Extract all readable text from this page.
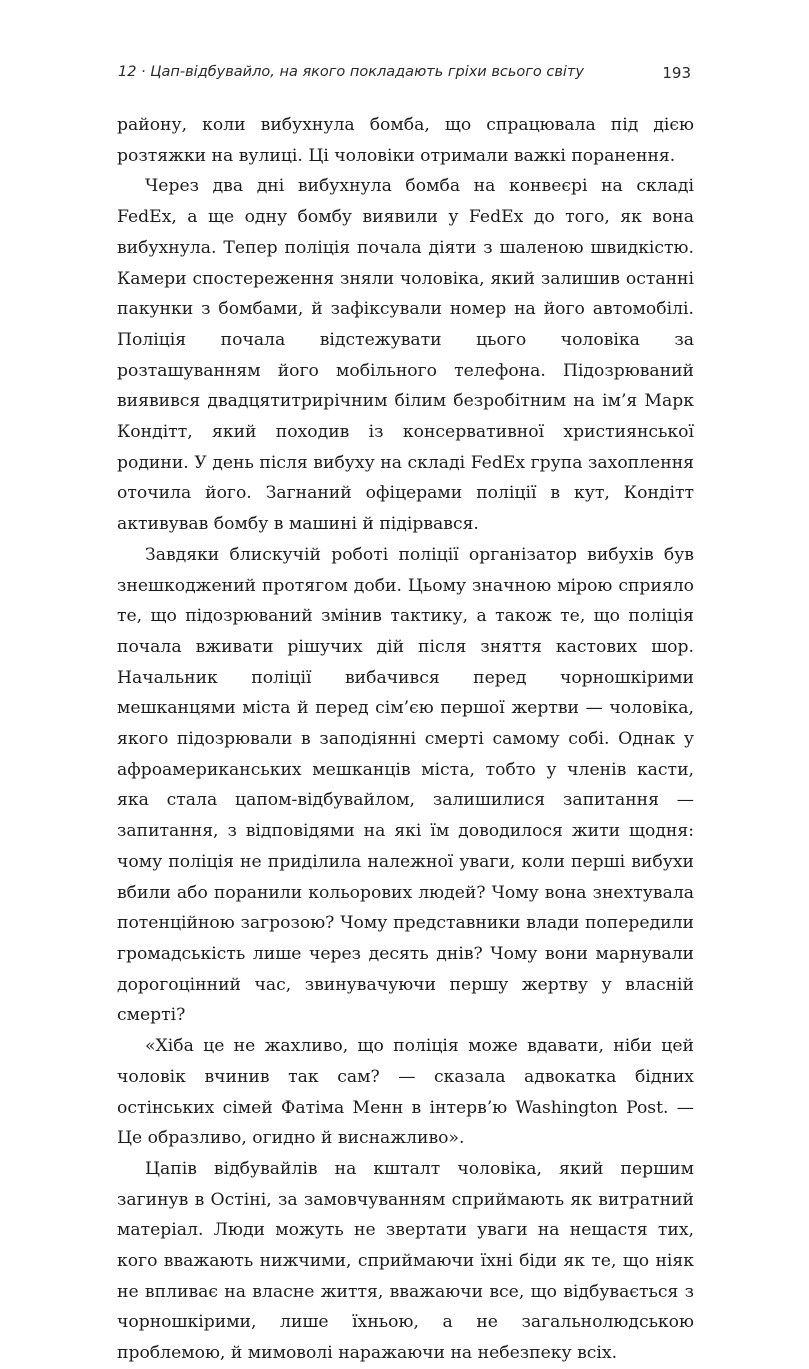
12 · Цап-відбувайло, на якого покладають гріхи всього світу	193

району, коли вибухнула бомба, що спрацювала під дією розтяжки на вулиці. Ці чоловіки отримали важкі поранення.

Через два дні вибухнула бомба на конвеєрі на складі FedEx, а ще одну бомбу виявили у FedEx до того, як вона вибухнула. Тепер поліція почала діяти з шаленою швидкістю. Камери спостереження зняли чоловіка, який залишив останні пакунки з бомбами, й зафіксували номер на його автомобілі. Поліція почала відстежувати цього чоловіка за розташуванням його мобільного телефона. Підозрюваний виявився двадцятитрирічним білим безробітним на ім’я Марк Кондітт, який походив із консервативної християнської родини. У день після вибуху на складі FedEx група захоплення оточила його. Загнаний офіцерами поліції в кут, Кондітт активував бомбу в машині й підірвався.

Завдяки блискучій роботі поліції організатор вибухів був знешкоджений протягом доби. Цьому значною мірою сприяло те, що підозрюваний змінив тактику, а також те, що поліція почала вживати рішучих дій після зняття кастових шор. Начальник поліції вибачився перед чорношкірими мешканцями міста й перед сім’єю першої жертви — чоловіка, якого підозрювали в заподіянні смерті самому собі. Однак у афроамериканських мешканців міста, тобто у членів касти, яка стала цапом-відбувайлом, залишилися запитання — запитання, з відповідями на які їм доводилося жити щодня: чому поліція не приділила належної уваги, коли перші вибухи вбили або поранили кольорових людей? Чому вона знехтувала потенційною загрозою? Чому представники влади попередили громадськість лише через десять днів? Чому вони марнували дорогоцінний час, звинувачуючи першу жертву у власній смерті?

«Хіба це не жахливо, що поліція може вдавати, ніби цей чоловік вчинив так сам? — сказала адвокатка бідних остінських сімей Фатіма Менн в інтерв’ю Washington Post. — Це образливо, огидно й виснажливо».

Цапів відбувайлів на кшталт чоловіка, який першим загинув в Остіні, за замовчуванням сприймають як витратний матеріал. Люди можуть не звертати уваги на нещастя тих, кого вважають нижчими, сприймаючи їхні біди як те, що ніяк не впливає на власне життя, вважаючи все, що відбувається з чорношкірими, лише їхньою, а не загальнолюдською проблемою, й мимоволі наражаючи на небезпеку всіх.
